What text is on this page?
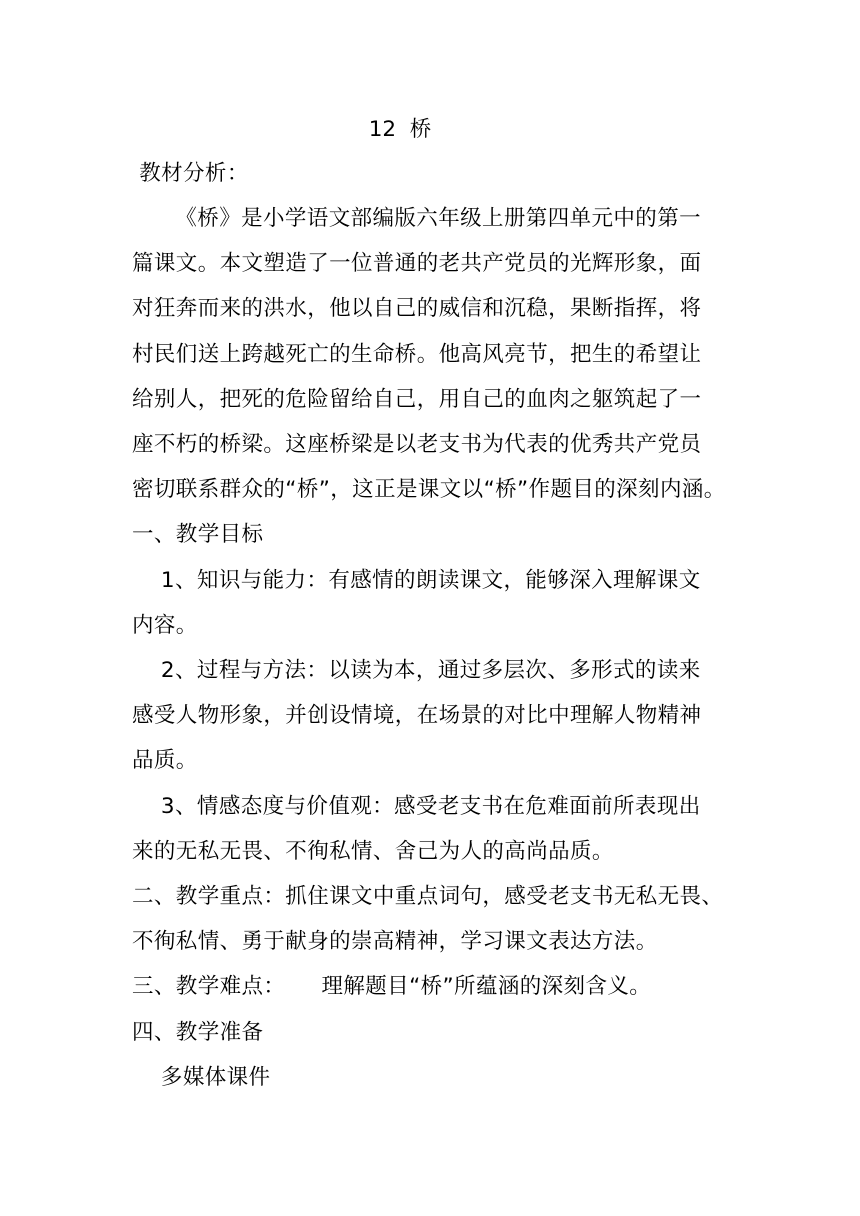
12  桥
教材分析：
《桥》是小学语文部编版六年级上册第四单元中的第一
篇课文。本文塑造了一位普通的老共产党员的光辉形象，面
对狂奔而来的洪水，他以自己的威信和沉稳，果断指挥，将
村民们送上跨越死亡的生命桥。他高风亮节，把生的希望让
给别人，把死的危险留给自己，用自己的血肉之躯筑起了一
座不朽的桥梁。这座桥梁是以老支书为代表的优秀共产党员
密切联系群众的“桥”，这正是课文以“桥”作题目的深刻内涵。
一、教学目标
1、知识与能力：有感情的朗读课文，能够深入理解课文
内容。
2、过程与方法：以读为本，通过多层次、多形式的读来
感受人物形象，并创设情境，在场景的对比中理解人物精神
品质。
3、情感态度与价值观：感受老支书在危难面前所表现出
来的无私无畏、不徇私情、舍己为人的高尚品质。
二、教学重点：抓住课文中重点词句，感受老支书无私无畏、
不徇私情、勇于献身的崇高精神，学习课文表达方法。
三、教学难点：     理解题目“桥”所蕴涵的深刻含义。
四、教学准备
多媒体课件
